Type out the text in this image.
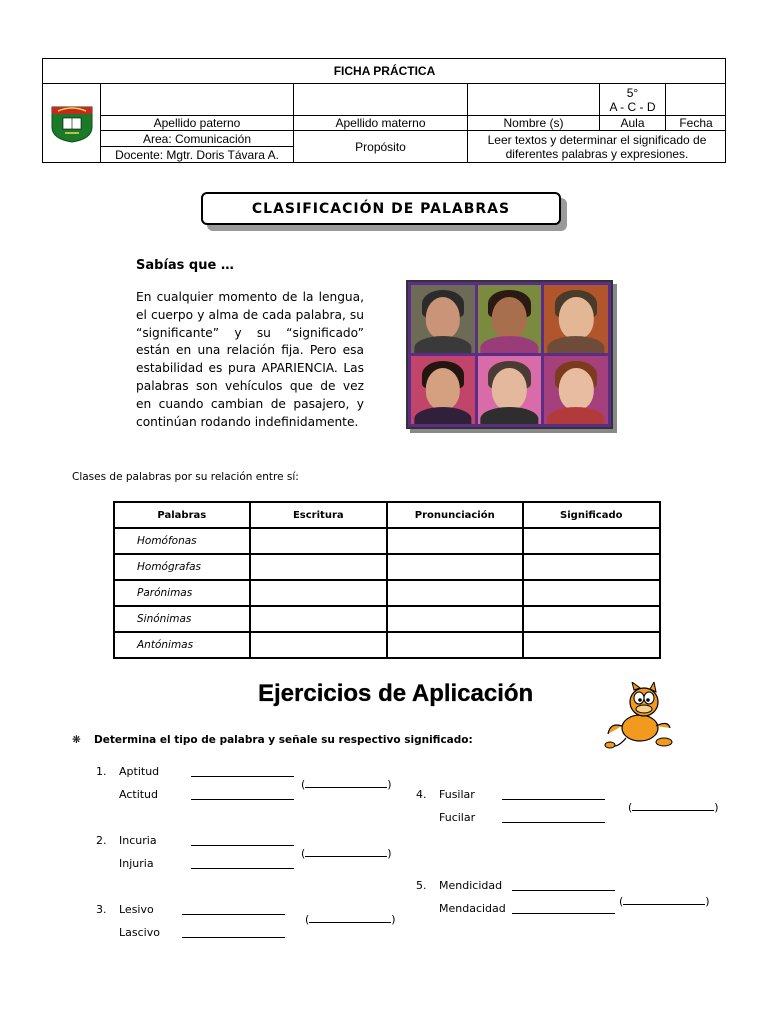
FICHA PRÁCTICA
5°
A - C - D
Apellido paterno	Apellido materno	Nombre (s)	Aula	Fecha
Area: Comunicación
Docente: Mgtr. Doris Távara A.
Propósito	Leer textos y determinar el significado de diferentes palabras y expresiones.
CLASIFICACIÓN DE PALABRAS
Sabías que …
En cualquier momento de la lengua, el cuerpo y alma de cada palabra, su “significante” y su “significado” están en una relación fija. Pero esa estabilidad es pura APARIENCIA. Las palabras son vehículos que de vez en cuando cambian de pasajero, y continúan rodando indefinidamente.
Clases de palabras por su relación entre sí:
Palabras	Escritura	Pronunciación	Significado
Homófonas			
Homógrafas			
Parónimas			
Sinónimas			
Antónimas			
Ejercicios de Aplicación
❋ Determina el tipo de palabra y señale su respectivo significado:
1. Aptitud
Actitud
(	)
2. Incuria
Injuria
(	)
3. Lesivo
Lascivo
(	)
4. Fusilar
Fucilar
(	)
5. Mendicidad
Mendacidad
(	)
